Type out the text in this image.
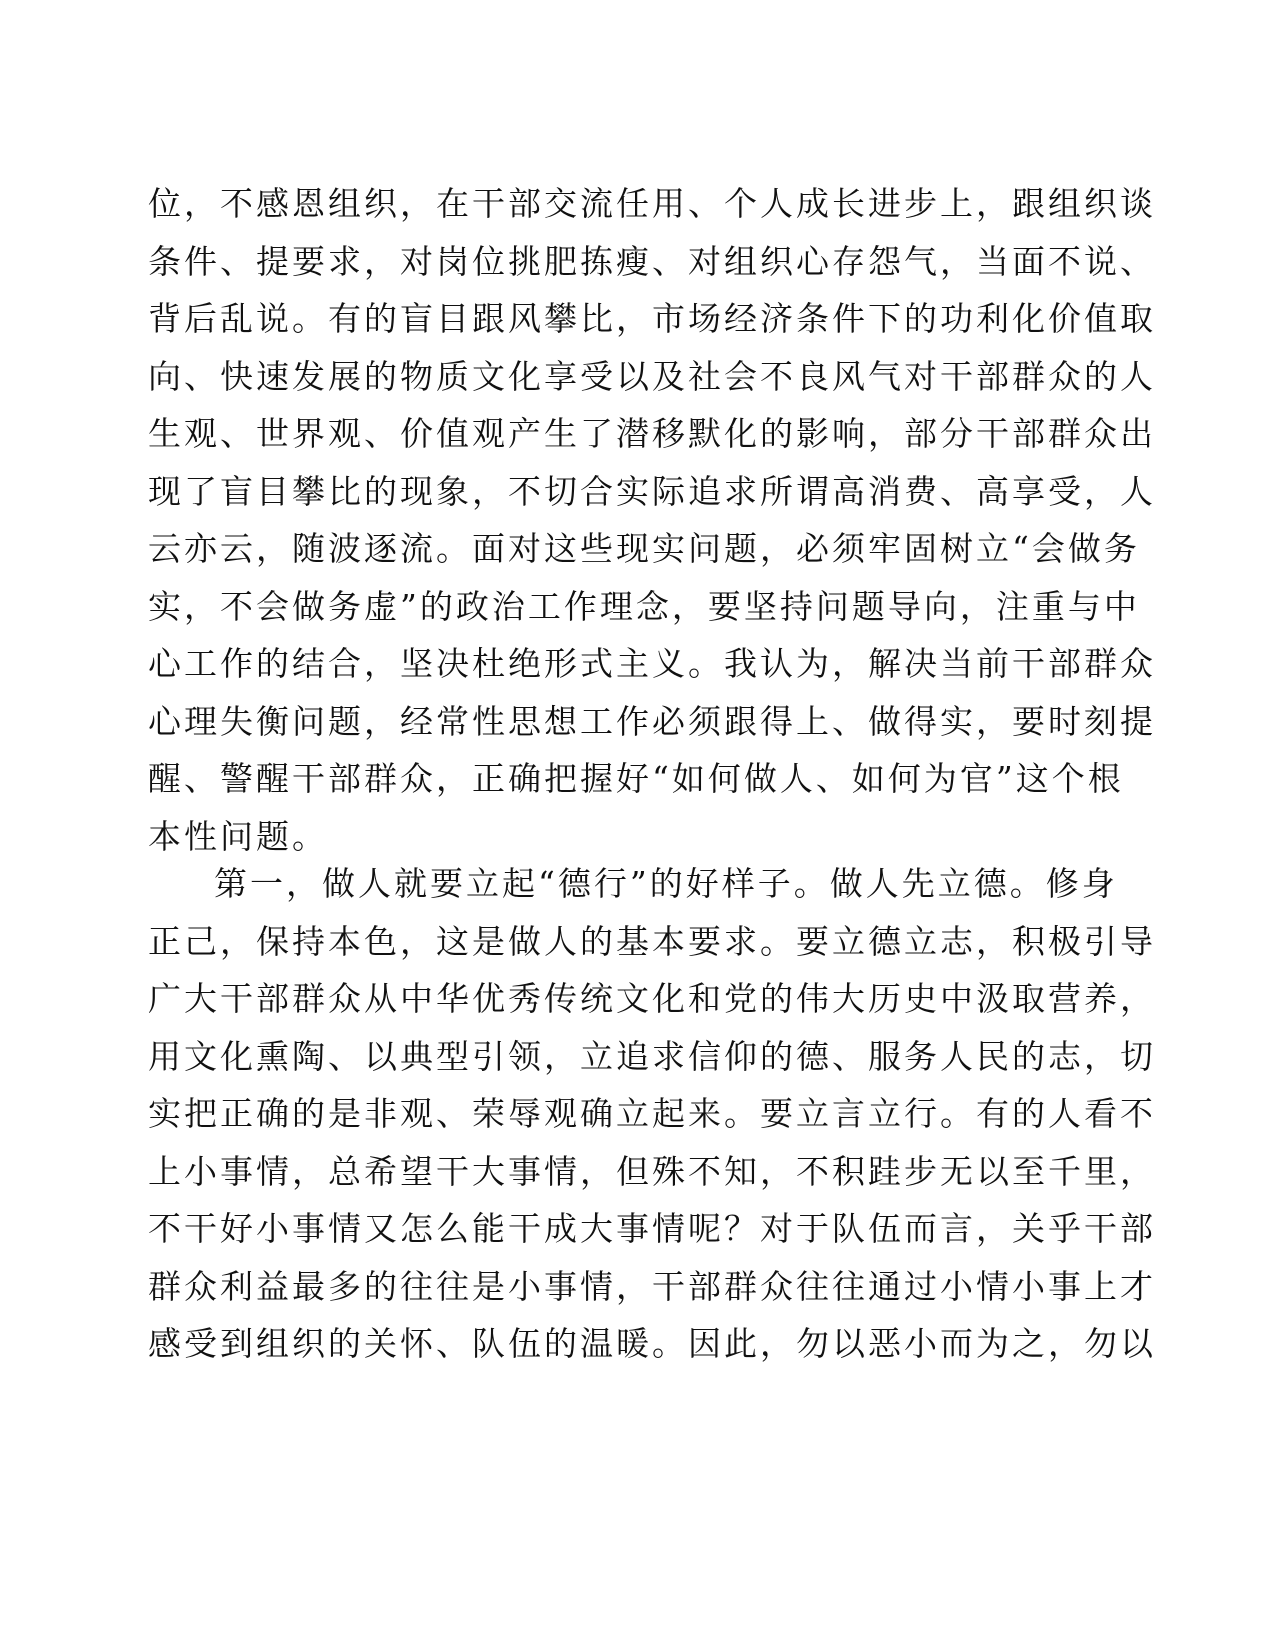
位，不感恩组织，在干部交流任用、个人成长进步上，跟组织谈
条件、提要求，对岗位挑肥拣瘦、对组织心存怨气，当面不说、
背后乱说。有的盲目跟风攀比，市场经济条件下的功利化价值取
向、快速发展的物质文化享受以及社会不良风气对干部群众的人
生观、世界观、价值观产生了潜移默化的影响，部分干部群众出
现了盲目攀比的现象，不切合实际追求所谓高消费、高享受，人
云亦云，随波逐流。面对这些现实问题，必须牢固树立“会做务
实，不会做务虚”的政治工作理念，要坚持问题导向，注重与中
心工作的结合，坚决杜绝形式主义。我认为，解决当前干部群众
心理失衡问题，经常性思想工作必须跟得上、做得实，要时刻提
醒、警醒干部群众，正确把握好“如何做人、如何为官”这个根
本性问题。
第一，做人就要立起“德行”的好样子。做人先立德。修身
正己，保持本色，这是做人的基本要求。要立德立志，积极引导
广大干部群众从中华优秀传统文化和党的伟大历史中汲取营养，
用文化熏陶、以典型引领，立追求信仰的德、服务人民的志，切
实把正确的是非观、荣辱观确立起来。要立言立行。有的人看不
上小事情，总希望干大事情，但殊不知，不积跬步无以至千里，
不干好小事情又怎么能干成大事情呢？对于队伍而言，关乎干部
群众利益最多的往往是小事情，干部群众往往通过小情小事上才
感受到组织的关怀、队伍的温暖。因此，勿以恶小而为之，勿以
